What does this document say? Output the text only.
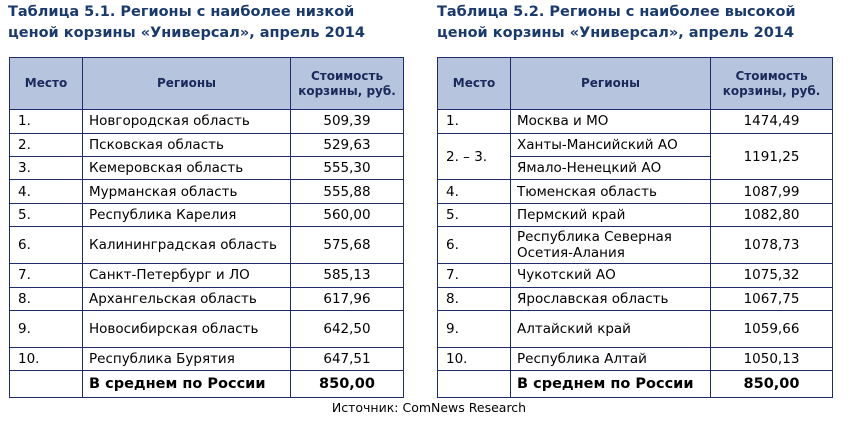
Таблица 5.1. Регионы с наиболее низкой
ценой корзины «Универсал», апрель 2014
Таблица 5.2. Регионы с наиболее высокой
ценой корзины «Универсал», апрель 2014
Место	Регионы	Стоимость корзины, руб.
1.	Новгородская область	509,39
2.	Псковская область	529,63
3.	Кемеровская область	555,30
4.	Мурманская область	555,88
5.	Республика Карелия	560,00
6.	Калининградская область	575,68
7.	Санкт-Петербург и ЛО	585,13
8.	Архангельская область	617,96
9.	Новосибирская область	642,50
10.	Республика Бурятия	647,51
	В среднем по России	850,00
Место	Регионы	Стоимость корзины, руб.
1.	Москва и МО	1474,49
2. – 3.	Ханты-Мансийский АО	1191,25
	Ямало-Ненецкий АО	
4.	Тюменская область	1087,99
5.	Пермский край	1082,80
6.	Республика Северная Осетия-Алания	1078,73
7.	Чукотский АО	1075,32
8.	Ярославская область	1067,75
9.	Алтайский край	1059,66
10.	Республика Алтай	1050,13
	В среднем по России	850,00
Источник: ComNews Research
